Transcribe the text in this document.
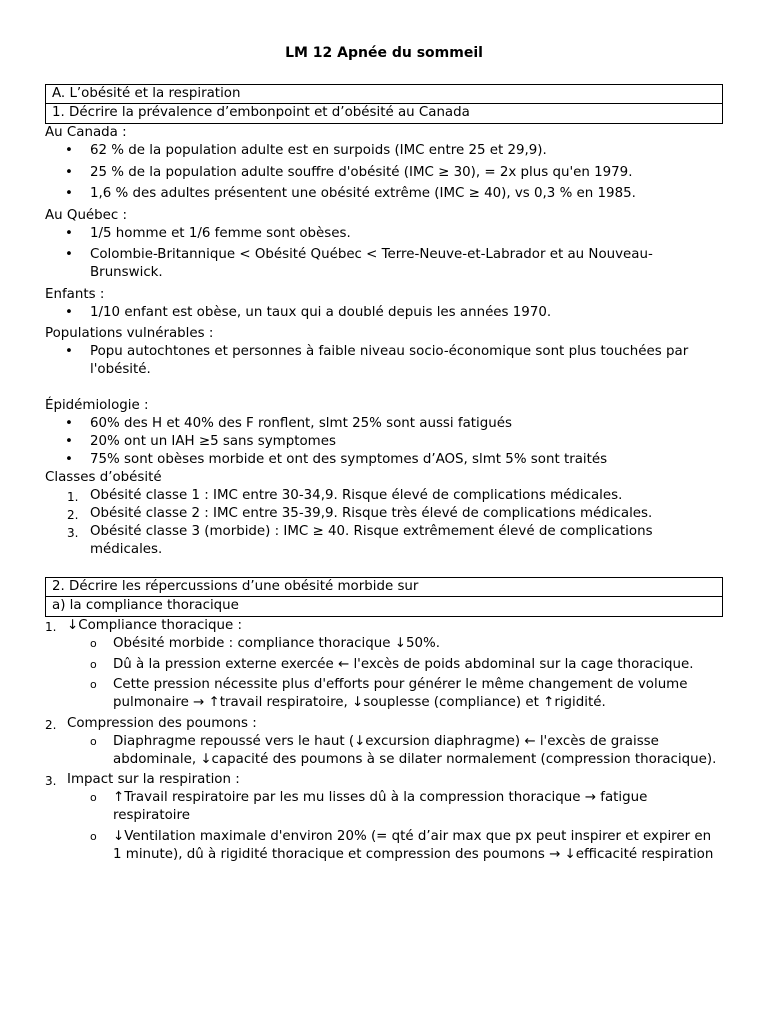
LM 12 Apnée du sommeil
A. L’obésité et la respiration
1. Décrire la prévalence d’embonpoint et d’obésité au Canada

Au Canada :

• 62 % de la population adulte est en surpoids (IMC entre 25 et 29,9).
• 25 % de la population adulte souffre d'obésité (IMC ≥ 30), = 2x plus qu'en 1979.
• 1,6 % des adultes présentent une obésité extrême (IMC ≥ 40), vs 0,3 % en 1985.

Au Québec :

• 1/5 homme et 1/6 femme sont obèses.
• Colombie-Britannique < Obésité Québec < Terre-Neuve-et-Labrador et au Nouveau-Brunswick.

Enfants :

• 1/10 enfant est obèse, un taux qui a doublé depuis les années 1970.

Populations vulnérables :

• Popu autochtones et personnes à faible niveau socio-économique sont plus touchées par l'obésité.

Épidémiologie :

• 60% des H et 40% des F ronflent, slmt 25% sont aussi fatigués
• 20% ont un IAH ≥5 sans symptomes
• 75% sont obèses morbide et ont des symptomes d’AOS, slmt 5% sont traités

Classes d’obésité

1. Obésité classe 1 : IMC entre 30-34,9. Risque élevé de complications médicales.
2. Obésité classe 2 : IMC entre 35-39,9. Risque très élevé de complications médicales.
3. Obésité classe 3 (morbide) : IMC ≥ 40. Risque extrêmement élevé de complications médicales.
2. Décrire les répercussions d’une obésité morbide sur
a) la compliance thoracique
1. ↓Compliance thoracique :
o Obésité morbide : compliance thoracique ↓50%.
o Dû à la pression externe exercée ← l'excès de poids abdominal sur la cage thoracique.
o Cette pression nécessite plus d'efforts pour générer le même changement de volume pulmonaire → ↑travail respiratoire, ↓souplesse (compliance) et ↑rigidité.
2. Compression des poumons :
o Diaphragme repoussé vers le haut (↓excursion diaphragme) ← l'excès de graisse abdominale, ↓capacité des poumons à se dilater normalement (compression thoracique).
3. Impact sur la respiration :
o ↑Travail respiratoire par les mu lisses dû à la compression thoracique → fatigue respiratoire
o ↓Ventilation maximale d'environ 20% (= qté d’air max que px peut inspirer et expirer en 1 minute), dû à rigidité thoracique et compression des poumons → ↓efficacité respiration
